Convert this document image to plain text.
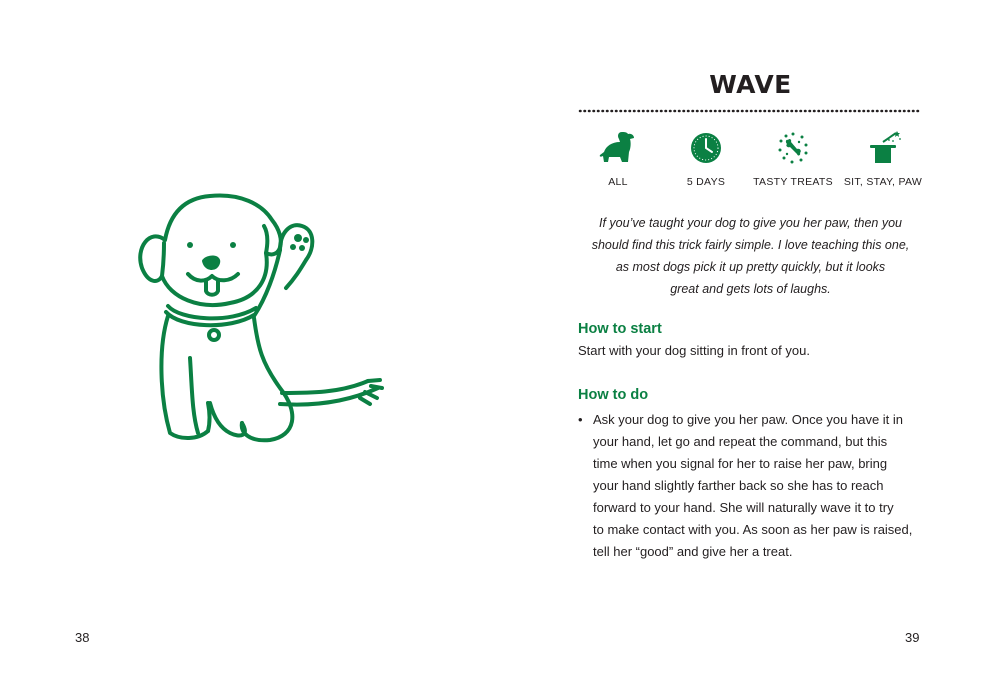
38
WAVE
ALL	5 DAYS	TASTY TREATS SIT, STAY, PAW
If you’ve taught your dog to give you her paw, then you
should find this trick fairly simple. I love teaching this one,
as most dogs pick it up pretty quickly, but it looks
great and gets lots of laughs.
How to start
Start with your dog sitting in front of you.
How to do
• Ask your dog to give you her paw. Once you have it in
your hand, let go and repeat the command, but this
time when you signal for her to raise her paw, bring
your hand slightly farther back so she has to reach
forward to your hand. She will naturally wave it to try
to make contact with you. As soon as her paw is raised,
tell her “good” and give her a treat.
39
